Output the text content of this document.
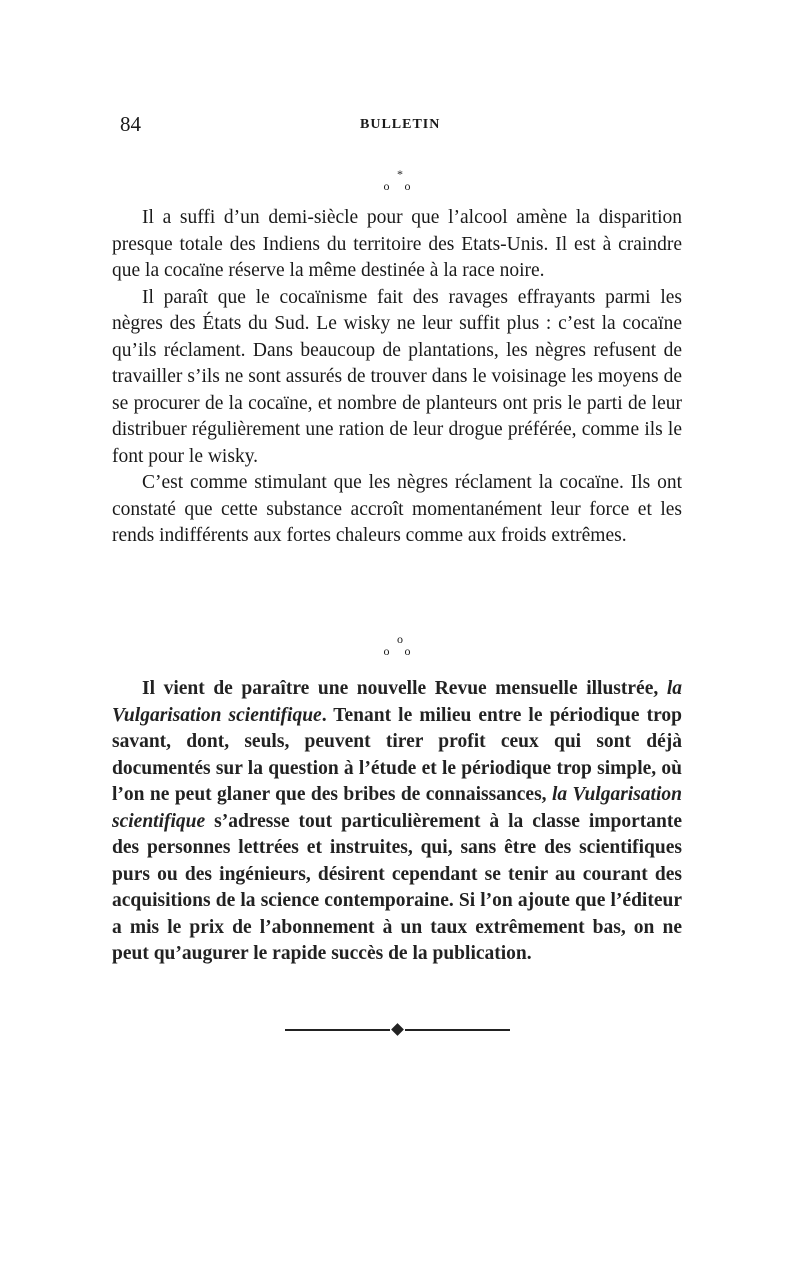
84	BULLETIN
*
o o

Il a suffi d’un demi-siècle pour que l’alcool amène la disparition presque totale des Indiens du territoire des Etats-Unis. Il est à craindre que la cocaïne réserve la même destinée à la race noire.

Il paraît que le cocaïnisme fait des ravages effrayants parmi les nègres des États du Sud. Le wisky ne leur suffit plus : c’est la cocaïne qu’ils réclament. Dans beaucoup de plantations, les nègres refusent de travailler s’ils ne sont assurés de trouver dans le voisinage les moyens de se procurer de la cocaïne, et nombre de planteurs ont pris le parti de leur distribuer régulièrement une ration de leur drogue préférée, comme ils le font pour le wisky.

C’est comme stimulant que les nègres réclament la cocaïne. Ils ont constaté que cette substance accroît momentanément leur force et les rends indifférents aux fortes chaleurs comme aux froids extrêmes.

o
o o

Il vient de paraître une nouvelle Revue mensuelle illustrée, la Vulgarisation scientifique. Tenant le milieu entre le périodique trop savant, dont, seuls, peuvent tirer profit ceux qui sont déjà documentés sur la question à l’étude et le périodique trop simple, où l’on ne peut glaner que des bribes de connaissances, la Vulgarisation scientifique s’adresse tout particulièrement à la classe importante des personnes lettrées et instruites, qui, sans être des scientifiques purs ou des ingénieurs, désirent cependant se tenir au courant des acquisitions de la science contemporaine. Si l’on ajoute que l’éditeur a mis le prix de l’abonnement à un taux extrêmement bas, on ne peut qu’augurer le rapide succès de la publication.
